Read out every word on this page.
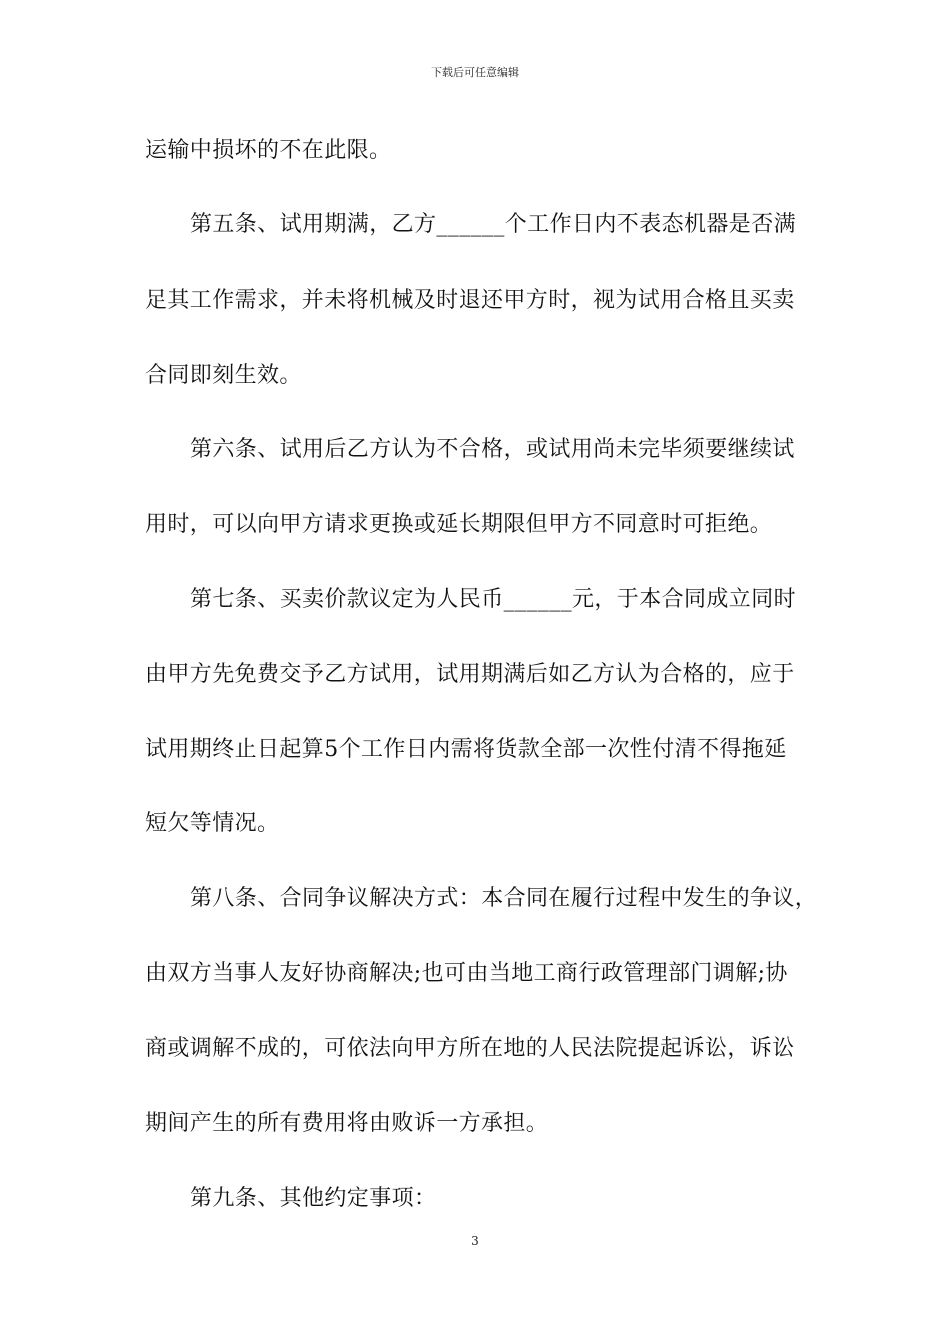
下载后可任意编辑
运输中损坏的不在此限。
第五条、试用期满，乙方______个工作日内不表态机器是否满
足其工作需求，并未将机械及时退还甲方时，视为试用合格且买卖
合同即刻生效。
第六条、试用后乙方认为不合格，或试用尚未完毕须要继续试
用时，可以向甲方请求更换或延长期限但甲方不同意时可拒绝。
第七条、买卖价款议定为人民币______元，于本合同成立同时
由甲方先免费交予乙方试用，试用期满后如乙方认为合格的，应于
试用期终止日起算5个工作日内需将货款全部一次性付清不得拖延
短欠等情况。
第八条、合同争议解决方式：本合同在履行过程中发生的争议，
由双方当事人友好协商解决;也可由当地工商行政管理部门调解;协
商或调解不成的，可依法向甲方所在地的人民法院提起诉讼，诉讼
期间产生的所有费用将由败诉一方承担。
第九条、其他约定事项：
3
